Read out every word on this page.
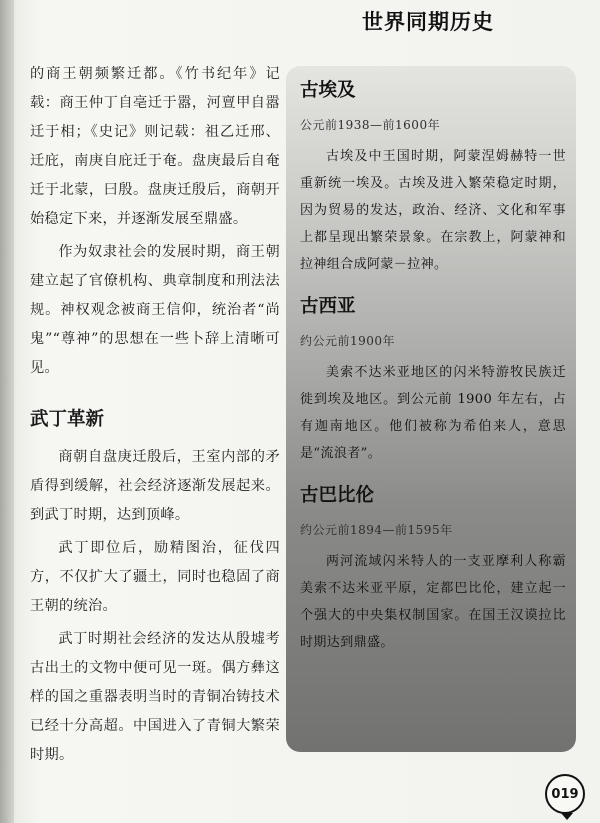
世界同期历史

的商王朝频繁迁都。《竹书纪年》记载：商王仲丁自亳迁于嚣，河亶甲自嚣迁于相；《史记》则记载：祖乙迁邢、迁庇，南庚自庇迁于奄。盘庚最后自奄迁于北蒙，曰殷。盘庚迁殷后，商朝开始稳定下来，并逐渐发展至鼎盛。

作为奴隶社会的发展时期，商王朝建立起了官僚机构、典章制度和刑法法规。神权观念被商王信仰，统治者“尚鬼”“尊神”的思想在一些卜辞上清晰可见。

武丁革新

商朝自盘庚迁殷后，王室内部的矛盾得到缓解，社会经济逐渐发展起来。到武丁时期，达到顶峰。

武丁即位后，励精图治，征伐四方，不仅扩大了疆土，同时也稳固了商王朝的统治。

武丁时期社会经济的发达从殷墟考古出土的文物中便可见一斑。偶方彝这样的国之重器表明当时的青铜冶铸技术已经十分高超。中国进入了青铜大繁荣时期。

古埃及
公元前1938—前1600年

古埃及中王国时期，阿蒙涅姆赫特一世重新统一埃及。古埃及进入繁荣稳定时期，因为贸易的发达，政治、经济、文化和军事上都呈现出繁荣景象。在宗教上，阿蒙神和拉神组合成阿蒙－拉神。

古西亚
约公元前1900年

美索不达米亚地区的闪米特游牧民族迁徙到埃及地区。到公元前 1900 年左右，占有迦南地区。他们被称为希伯来人，意思是“流浪者”。

古巴比伦
约公元前1894—前1595年

两河流域闪米特人的一支亚摩利人称霸美索不达米亚平原，定都巴比伦，建立起一个强大的中央集权制国家。在国王汉谟拉比时期达到鼎盛。

019
